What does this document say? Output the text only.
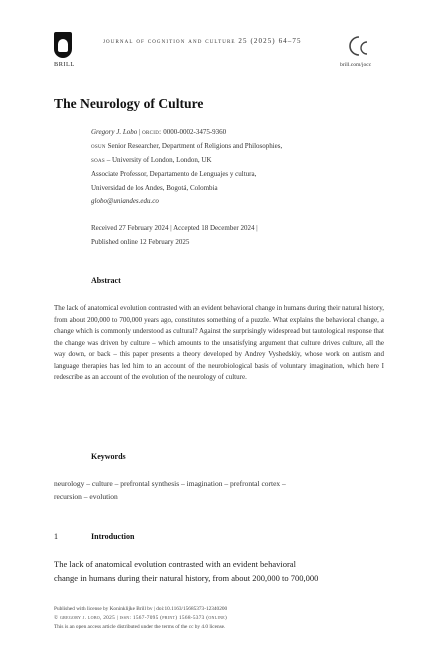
BRILL
journal of cognition and culture 25 (2025) 64–75
brill.com/jocc
The Neurology of Culture
Gregory J. Lobo | orcid: 0000-0002-3475-9360
osun Senior Researcher, Department of Religions and Philosophies,
soas – University of London, London, UK
Associate Professor, Departamento de Lenguajes y cultura,
Universidad de los Andes, Bogotá, Colombia
globo@uniandes.edu.co
Received 27 February 2024 | Accepted 18 December 2024 |
Published online 12 February 2025
Abstract
The lack of anatomical evolution contrasted with an evident behavioral change in humans during their natural history, from about 200,000 to 700,000 years ago, constitutes something of a puzzle. What explains the behavioral change, a change which is commonly understood as cultural? Against the surprisingly widespread but tautological response that the change was driven by culture – which amounts to the unsatisfying argument that culture drives culture, all the way down, or back – this paper presents a theory developed by Andrey Vyshedskiy, whose work on autism and language therapies has led him to an account of the neurobiological basis of voluntary imagination, which here I redescribe as an account of the evolution of the neurology of culture.
Keywords
neurology – culture – prefrontal synthesis – imagination – prefrontal cortex –
recursion – evolution
1	Introduction
The lack of anatomical evolution contrasted with an evident behavioral
change in humans during their natural history, from about 200,000 to 700,000
Published with license by Koninklijke Brill bv | doi:10.1163/15685373-12340200
© gregory j. lobo, 2025 | issn: 1567-7095 (print) 1568-5373 (online)
This is an open access article distributed under the terms of the cc by 4.0 license.
